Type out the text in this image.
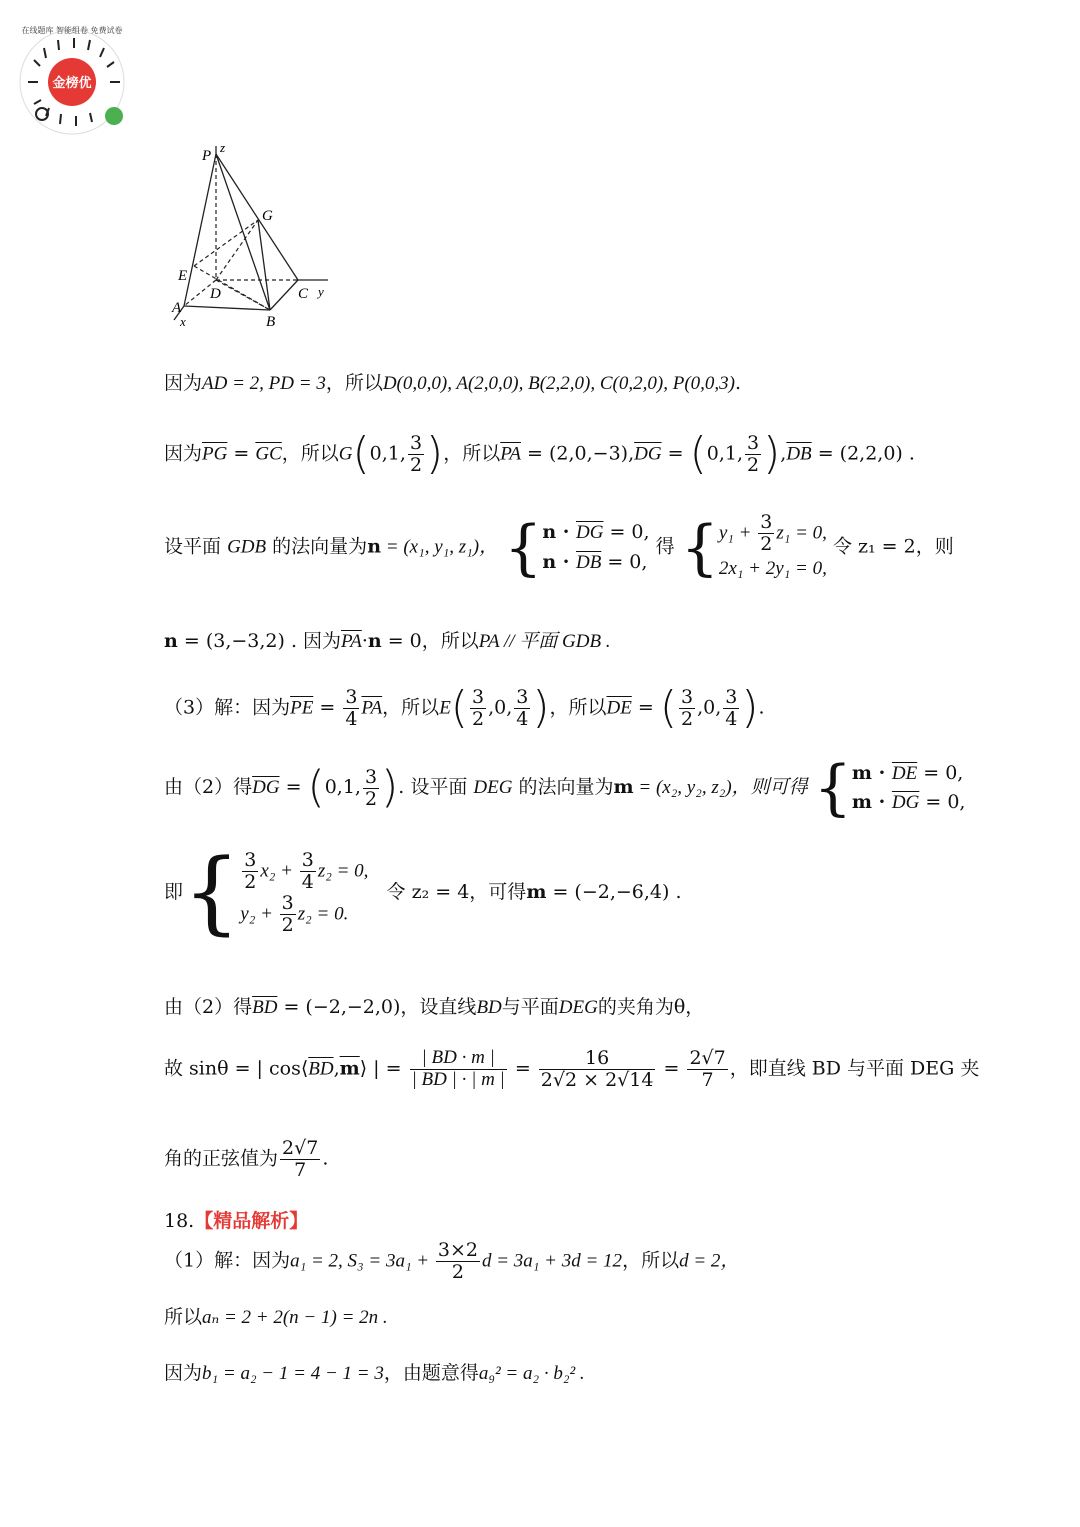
金榜优
在线题库 智能组卷 免费试卷
P
z
G
E
D
A
x	B
C y
因为AD = 2, PD = 3，所以D(0,0,0), A(2,0,0), B(2,2,0), C(0,2,0), P(0,0,3).
因为$\overline{PG} = \overline{GC}$，所以G(0,1, $\frac{3}{2}$ )，所以$\overline{PA} = (2,0,-3),\overline{DG} = (0,1$, $\frac{3}{2} ),\overline{DB} = (2,2,0)$ .
设平面 GDB 的法向量为n = (x₁, y₁, z₁)， { $n \cdot \overline{DG} = 0$,
$n \cdot \overline{DB} = 0$,
得 { $y_1 + \frac{3}{2} z_1 = 0$,
2x₁ + 2y₁ = 0,
令 z₁ = 2，则
n = (3,−3,2) . 因为$\overline{PA}\cdot n = 0$，所以PA // 平面 GDB .
（3）解：因为$\overline{PE} = \frac{3}{4} \overline{PA}$，所以$E( \frac{3}{2} ,0$, $\frac{3}{4}$ )，所以$\overline{DE}$ = ( $\frac{3}{2} ,0$, $\frac{3}{4}$ ).
由（2）得$\overline{DG} = (0,1$, $\frac{3}{2}$ ). 设平面 DEG 的法向量为m = (x₂, y₂, z₂)，则可得 { $m \cdot \overline{DE} = 0$,
$m \cdot \overline{DG} = 0$,
即{ $\frac{3}{2} x_2 + \frac{3}{4} z_2 = 0$,
$y_2 + \frac{3}{2} z_2 = 0$.
令 z₂ = 4，可得m = (−2,−6,4) .
由（2）得$\overline{BD} = (-2,-2,0)$，设直线BD与平面DEG的夹角为θ，
故 sinθ = | $\cos⟨\overline{BD},\overline{m}⟩$ | = $\frac{| BD \cdot m |}{| BD | \cdot | m |} = \frac{16}{2√2 \times 2√14} = \frac{2√7}{7}$ ，即直线 BD 与平面 DEG 夹
角的正弦值为 $\frac{2√7}{7}$ .
18.【精品解析】
（1）解：因为a₁ = 2, $S_3 = 3a_1 + \frac{3\times 2}{2}$ d = 3a₁ + 3d = 12，所以d = 2，
所以aₙ = 2 + 2(n − 1) = 2n .
因为b₁ = a₂ − 1 = 4 − 1 = 3，由题意得a₉² = a₂ · b₂² .
